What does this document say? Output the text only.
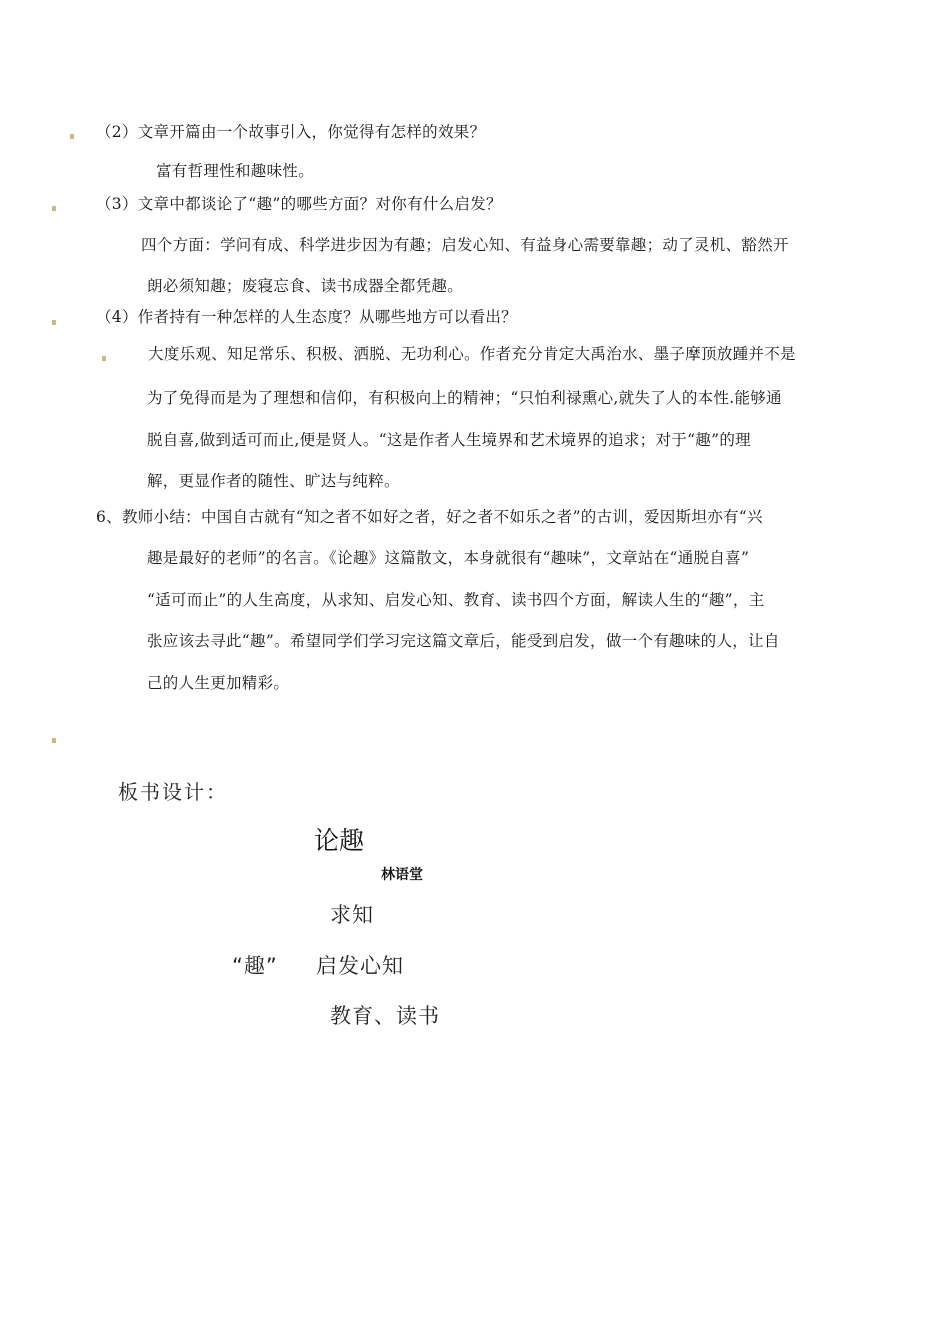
（2）文章开篇由一个故事引入，你觉得有怎样的效果？
富有哲理性和趣味性。
（3）文章中都谈论了“趣”的哪些方面？对你有什么启发？
四个方面：学问有成、科学进步因为有趣；启发心知、有益身心需要靠趣；动了灵机、豁然开
朗必须知趣；废寝忘食、读书成器全都凭趣。
（4）作者持有一种怎样的人生态度？从哪些地方可以看出？
大度乐观、知足常乐、积极、洒脱、无功利心。作者充分肯定大禹治水、墨子摩顶放踵并不是
为了免得而是为了理想和信仰，有积极向上的精神；“只怕利禄熏心,就失了人的本性.能够通
脱自喜,做到适可而止,便是贤人。“这是作者人生境界和艺术境界的追求；对于“趣”的理
解，更显作者的随性、旷达与纯粹。
6、教师小结：中国自古就有“知之者不如好之者，好之者不如乐之者”的古训，爱因斯坦亦有“兴
趣是最好的老师”的名言。《论趣》这篇散文，本身就很有“趣味”，文章站在“通脱自喜”
“适可而止”的人生高度，从求知、启发心知、教育、读书四个方面，解读人生的“趣”，主
张应该去寻此“趣”。希望同学们学习完这篇文章后，能受到启发，做一个有趣味的人，让自
己的人生更加精彩。
板书设计：
论趣
林语堂
求知
“趣” 启发心知
教育、读书
